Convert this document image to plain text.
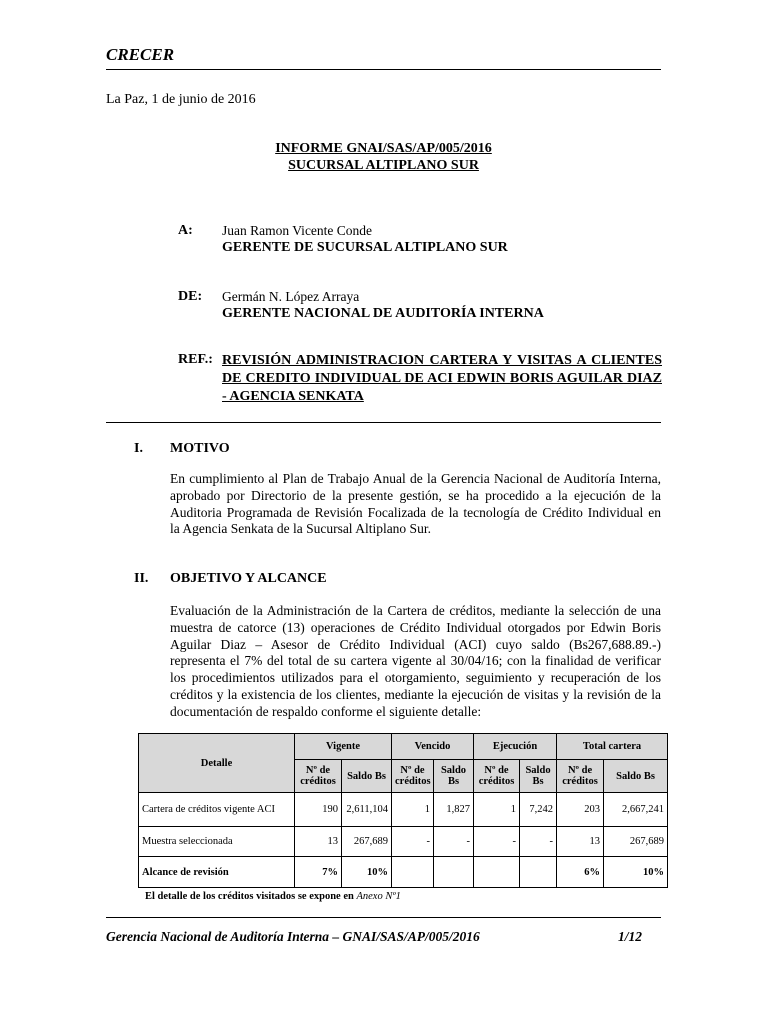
CRECER
La Paz, 1 de junio de 2016
INFORME GNAI/SAS/AP/005/2016
SUCURSAL ALTIPLANO SUR
A: Juan Ramon Vicente Conde
GERENTE DE SUCURSAL ALTIPLANO SUR
DE: Germán N. López Arraya
GERENTE NACIONAL DE AUDITORÍA INTERNA
REF.: REVISIÓN ADMINISTRACION CARTERA Y VISITAS A CLIENTES
DE CREDITO INDIVIDUAL DE ACI EDWIN BORIS AGUILAR DIAZ
- AGENCIA SENKATA
I. MOTIVO
En cumplimiento al Plan de Trabajo Anual de la Gerencia Nacional de Auditoría Interna,
aprobado por Directorio de la presente gestión, se ha procedido a la ejecución de la
Auditoria Programada de Revisión Focalizada de la tecnología de Crédito Individual en
la Agencia Senkata de la Sucursal Altiplano Sur.
II. OBJETIVO Y ALCANCE
Evaluación de la Administración de la Cartera de créditos, mediante la selección de una
muestra de catorce (13) operaciones de Crédito Individual otorgados por Edwin Boris
Aguilar Diaz – Asesor de Crédito Individual (ACI) cuyo saldo (Bs267,688.89.-)
representa el 7% del total de su cartera vigente al 30/04/16; con la finalidad de verificar
los procedimientos utilizados para el otorgamiento, seguimiento y recuperación de los
créditos y la existencia de los clientes, mediante la ejecución de visitas y la revisión de la
documentación de respaldo conforme el siguiente detalle:
Detalle	Vigente		Vencido		Ejecución		Total cartera	
	Nº de créditos	Saldo Bs	Nº de créditos	Saldo Bs	Nº de créditos	Saldo Bs	Nº de créditos	Saldo Bs
Cartera de créditos vigente ACI	190	2,611,104	1	1,827	1	7,242	203	2,667,241
Muestra seleccionada	13	267,689	-	-	-	-	13	267,689
Alcance de revisión	7%	10%					6%	10%
El detalle de los créditos visitados se expone en Anexo Nº1
Gerencia Nacional de Auditoría Interna – GNAI/SAS/AP/005/2016	1/12
